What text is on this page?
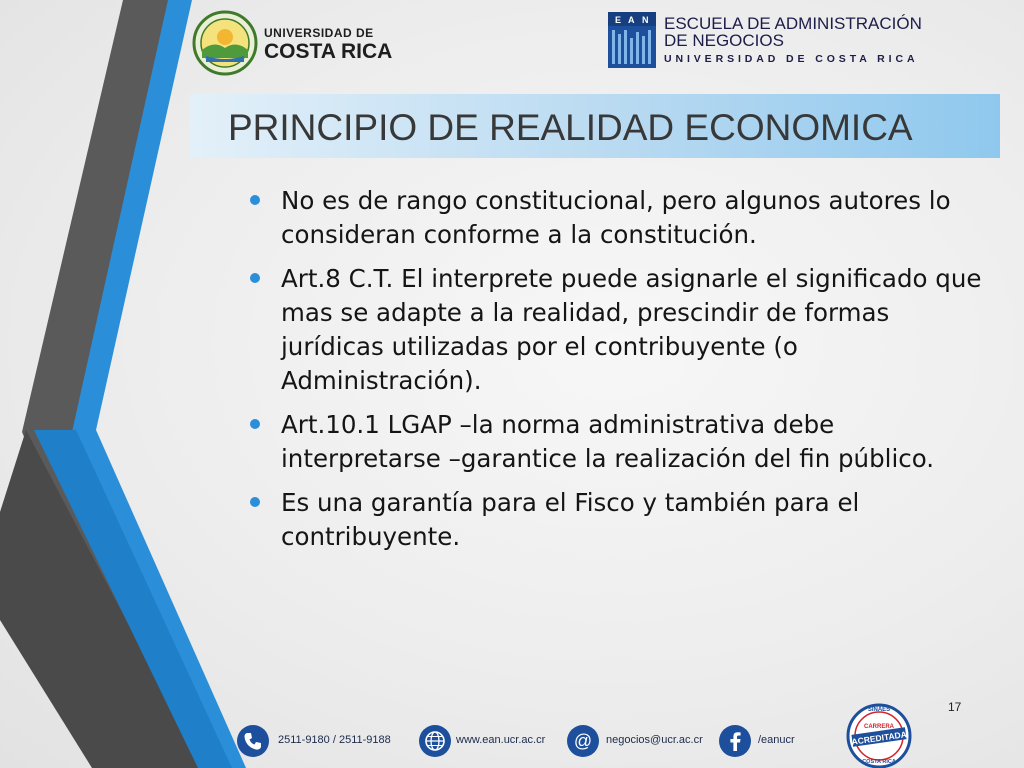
UNIVERSIDAD DE
COSTA RICA
E A N ESCUELA DE ADMINISTRACIÓN
DE NEGOCIOS
UNIVERSIDAD DE COSTA RICA
PRINCIPIO DE REALIDAD ECONOMICA
No es de rango constitucional, pero algunos autores lo consideran conforme a la constitución.
Art.8 C.T. El interprete puede asignarle el significado que mas se adapte a la realidad, prescindir de formas jurídicas utilizadas por el contribuyente (o Administración).
Art.10.1 LGAP –la norma administrativa debe interpretarse –garantice la realización del fin público.
Es una garantía para el Fisco y también para el contribuyente.
17
2511-9180 / 2511-9188	www.ean.ucr.ac.cr @ negocios@ucr.ac.cr	/eanucr
SINAES
CARRERA
ACREDITADA
COSTA RICA
